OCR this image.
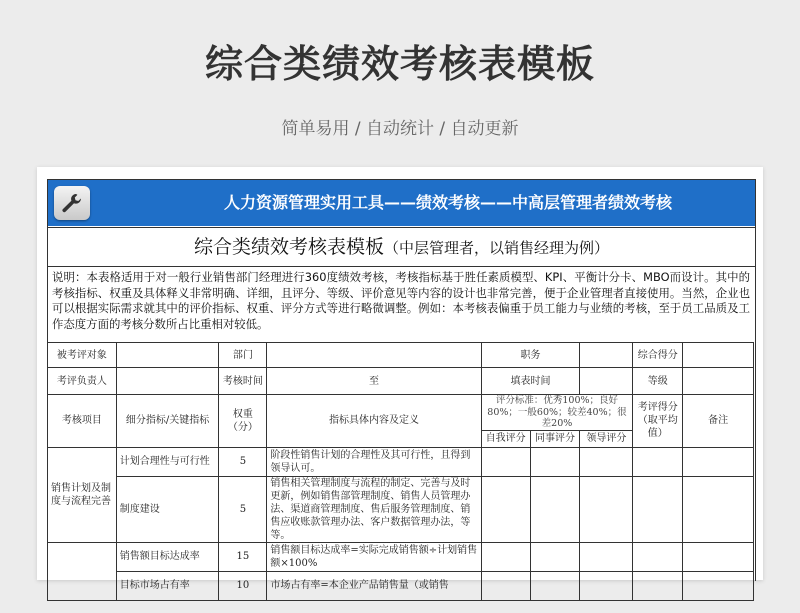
综合类绩效考核表模板
简单易用 / 自动统计 / 自动更新
人力资源管理实用工具——绩效考核——中高层管理者绩效考核
综合类绩效考核表模板（中层管理者，以销售经理为例）
说明：本表格适用于对一般行业销售部门经理进行360度绩效考核，考核指标基于胜任素质模型、KPI、平衡计分卡、MBO而设计。其中的考核指标、权重及具体释义非常明确、详细，且评分、等级、评价意见等内容的设计也非常完善，便于企业管理者直接使用。当然，企业也可以根据实际需求就其中的评价指标、权重、评分方式等进行略微调整。例如：本考核表偏重于员工能力与业绩的考核，至于员工品质及工作态度方面的考核分数所占比重相对较低。
被考评对象		部门		职务			综合得分	
考评负责人		考核时间	至	填表时间			等级	
考核项目	细分指标/关键指标	权重（分）	指标具体内容及定义	评分标准：优秀100%；良好80%；一般60%；较差40%；很差20%			考评得分（取平均值）	备注
				自我评分	同事评分	领导评分		
销售计划及制度与流程完善	计划合理性与可行性	5	阶段性销售计划的合理性及其可行性，且得到领导认可。					
	制度建设	5	销售相关管理制度与流程的制定、完善与及时更新，例如销售部管理制度、销售人员管理办法、渠道商管理制度、售后服务管理制度、销售应收账款管理办法、客户数据管理办法，等等。					
	销售额目标达成率	15	销售额目标达成率=实际完成销售额÷计划销售额×100%					
	目标市场占有率	10	市场占有率=本企业产品销售量（或销售					
